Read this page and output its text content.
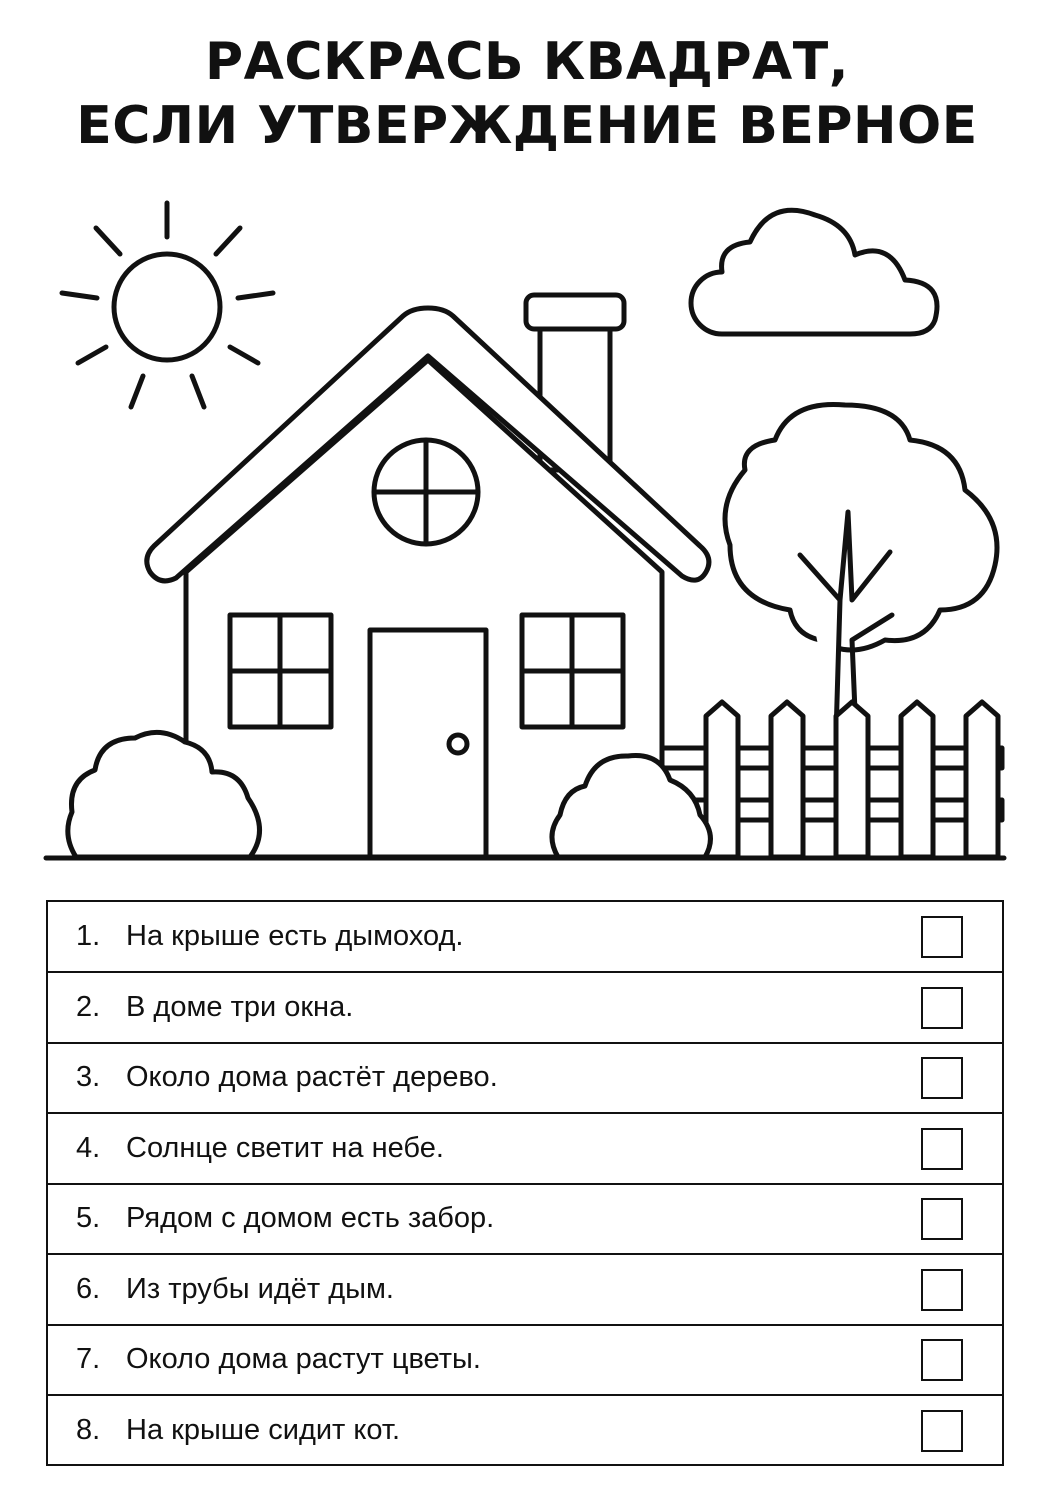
РАСКРАСЬ КВАДРАТ,
ЕСЛИ УТВЕРЖДЕНИЕ ВЕРНОЕ
1. На крыше есть дымоход.
2. В доме три окна.
3. Около дома растёт дерево.
4. Солнце светит на небе.
5. Рядом с домом есть забор.
6. Из трубы идёт дым.
7. Около дома растут цветы.
8. На крыше сидит кот.
